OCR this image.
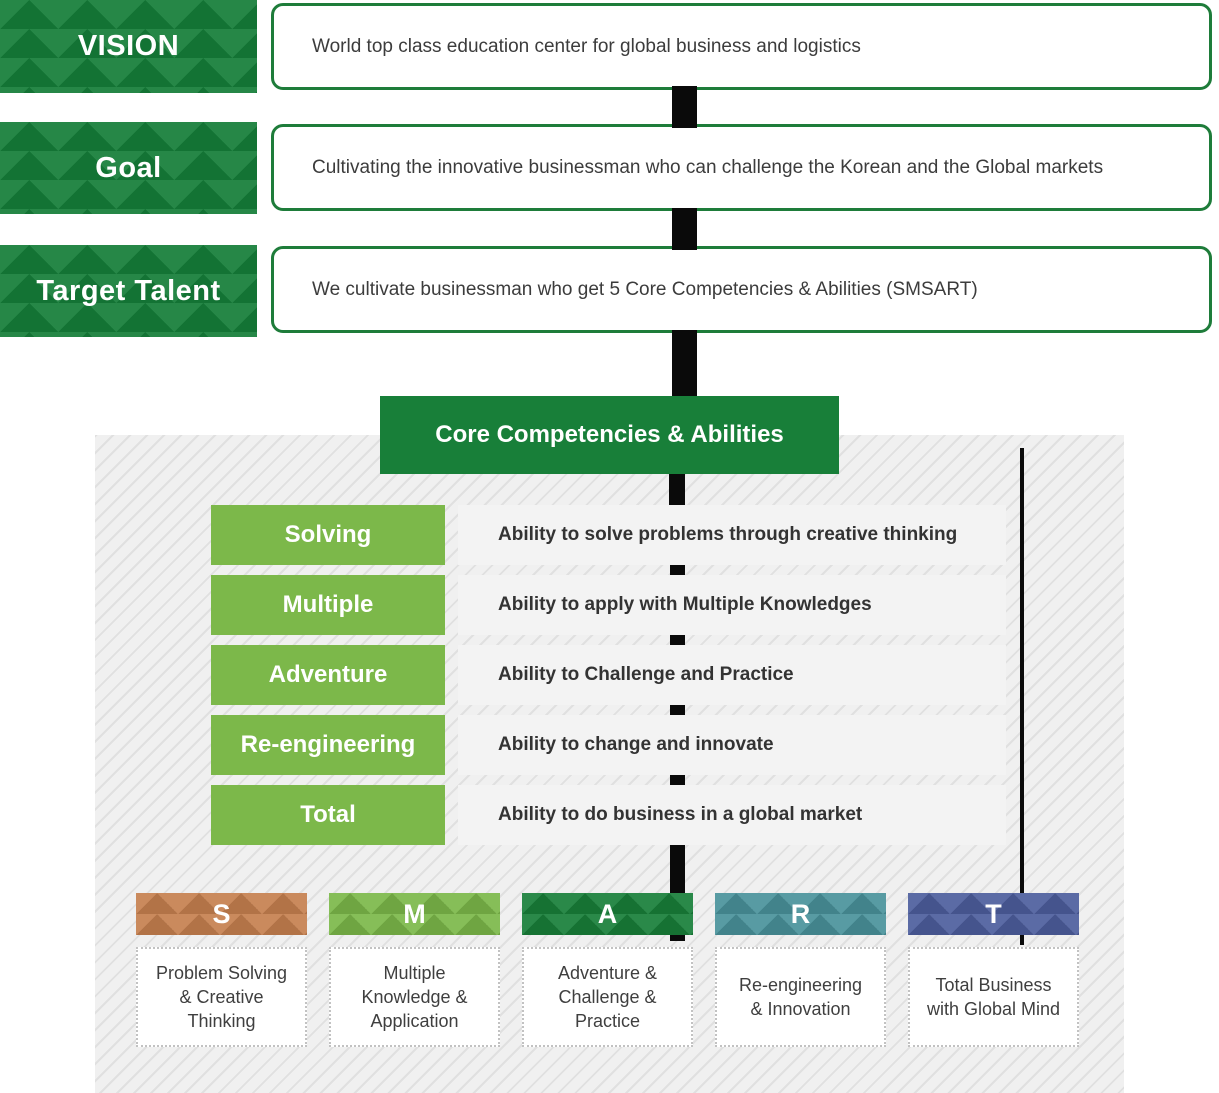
VISION	World top class education center for global business and logistics
Goal	Cultivating the innovative businessman who can challenge the Korean and the Global markets
Target Talent	We cultivate businessman who get 5 Core Competencies & Abilities (SMSART)
Core Competencies & Abilities
Solving	Ability to solve problems through creative thinking
Multiple	Ability to apply with Multiple Knowledges
Adventure	Ability to Challenge and Practice
Re-engineering	Ability to change and innovate
Total	Ability to do business in a global market
S
Problem Solving & Creative Thinking
M
Multiple Knowledge & Application
A
Adventure & Challenge & Practice
R
Re-engineering & Innovation
T
Total Business with Global Mind
